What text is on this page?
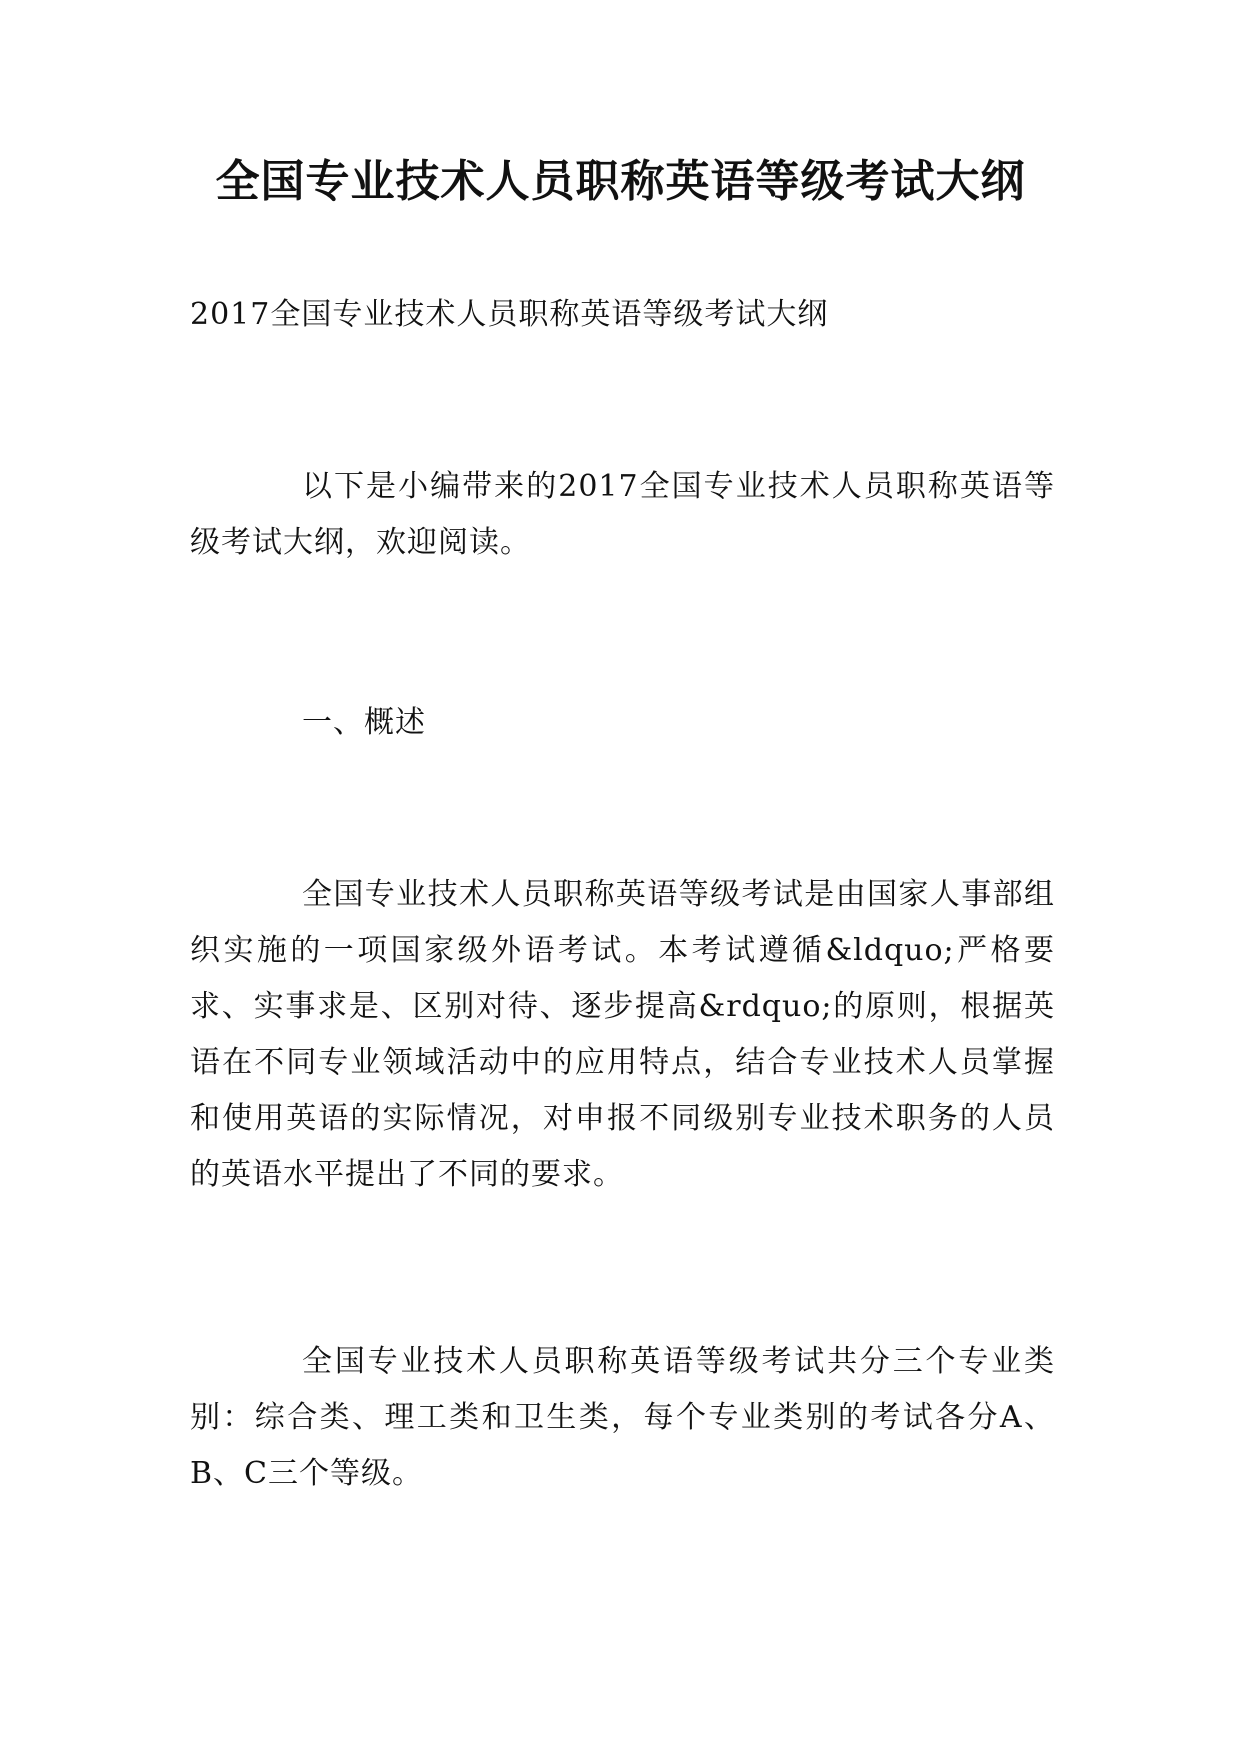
全国专业技术人员职称英语等级考试大纲

2017全国专业技术人员职称英语等级考试大纲

以下是小编带来的2017全国专业技术人员职称英语等级考试大纲，欢迎阅读。

一、概述

全国专业技术人员职称英语等级考试是由国家人事部组织实施的一项国家级外语考试。本考试遵循&ldquo;严格要求、实事求是、区别对待、逐步提高&rdquo;的原则，根据英语在不同专业领域活动中的应用特点，结合专业技术人员掌握和使用英语的实际情况，对申报不同级别专业技术职务的人员的英语水平提出了不同的要求。

全国专业技术人员职称英语等级考试共分三个专业类别：综合类、理工类和卫生类，每个专业类别的考试各分A、B、C三个等级。
